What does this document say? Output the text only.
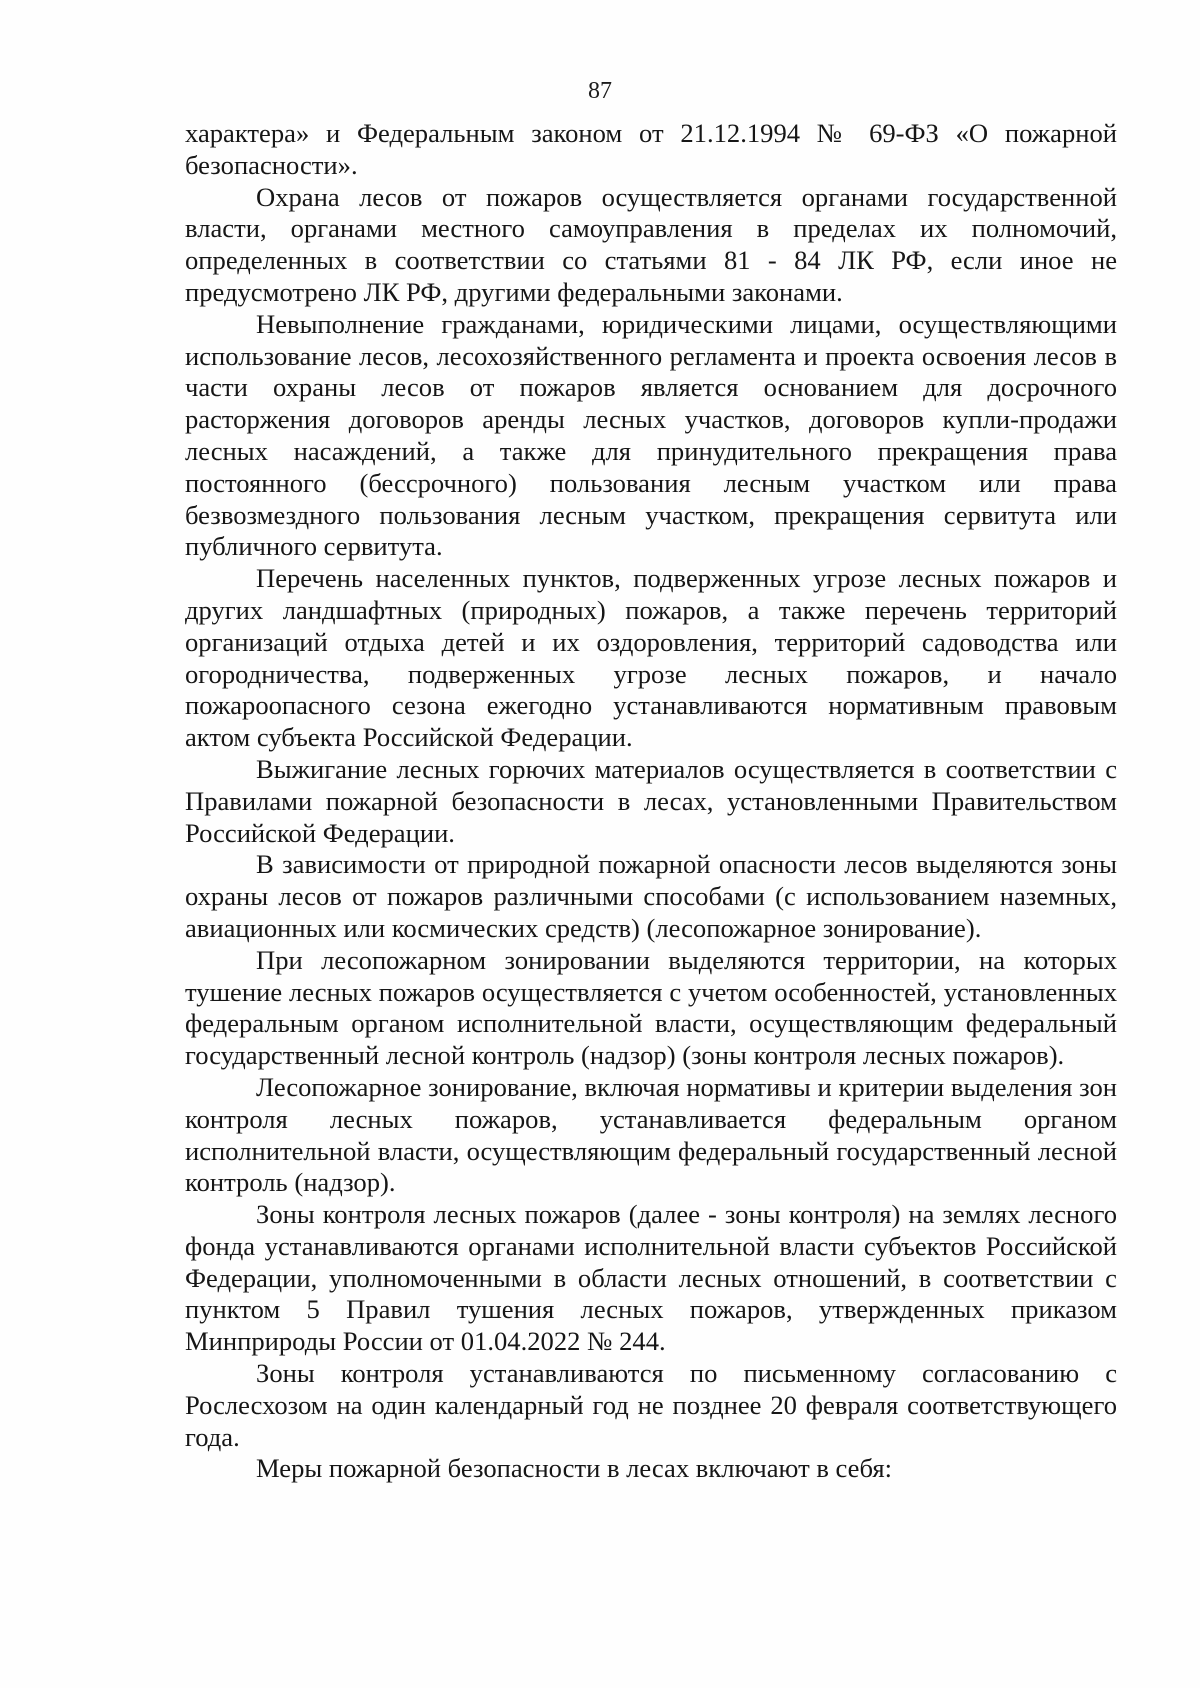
87

характера» и Федеральным законом от 21.12.1994 № 69-ФЗ «О пожарной безопасности».

Охрана лесов от пожаров осуществляется органами государственной власти, органами местного самоуправления в пределах их полномочий, определенных в соответствии со статьями 81 - 84 ЛК РФ, если иное не предусмотрено ЛК РФ, другими федеральными законами.

Невыполнение гражданами, юридическими лицами, осуществляющими использование лесов, лесохозяйственного регламента и проекта освоения лесов в части охраны лесов от пожаров является основанием для досрочного расторжения договоров аренды лесных участков, договоров купли-продажи лесных насаждений, а также для принудительного прекращения права постоянного (бессрочного) пользования лесным участком или права безвозмездного пользования лесным участком, прекращения сервитута или публичного сервитута.

Перечень населенных пунктов, подверженных угрозе лесных пожаров и других ландшафтных (природных) пожаров, а также перечень территорий организаций отдыха детей и их оздоровления, территорий садоводства или огородничества, подверженных угрозе лесных пожаров, и начало пожароопасного сезона ежегодно устанавливаются нормативным правовым актом субъекта Российской Федерации.

Выжигание лесных горючих материалов осуществляется в соответствии с Правилами пожарной безопасности в лесах, установленными Правительством Российской Федерации.

В зависимости от природной пожарной опасности лесов выделяются зоны охраны лесов от пожаров различными способами (с использованием наземных, авиационных или космических средств) (лесопожарное зонирование).

При лесопожарном зонировании выделяются территории, на которых тушение лесных пожаров осуществляется с учетом особенностей, установленных федеральным органом исполнительной власти, осуществляющим федеральный государственный лесной контроль (надзор) (зоны контроля лесных пожаров).

Лесопожарное зонирование, включая нормативы и критерии выделения зон контроля лесных пожаров, устанавливается федеральным органом исполнительной власти, осуществляющим федеральный государственный лесной контроль (надзор).

Зоны контроля лесных пожаров (далее - зоны контроля) на землях лесного фонда устанавливаются органами исполнительной власти субъектов Российской Федерации, уполномоченными в области лесных отношений, в соответствии с пунктом 5 Правил тушения лесных пожаров, утвержденных приказом Минприроды России от 01.04.2022 № 244.

Зоны контроля устанавливаются по письменному согласованию с Рослесхозом на один календарный год не позднее 20 февраля соответствующего года.

Меры пожарной безопасности в лесах включают в себя:
